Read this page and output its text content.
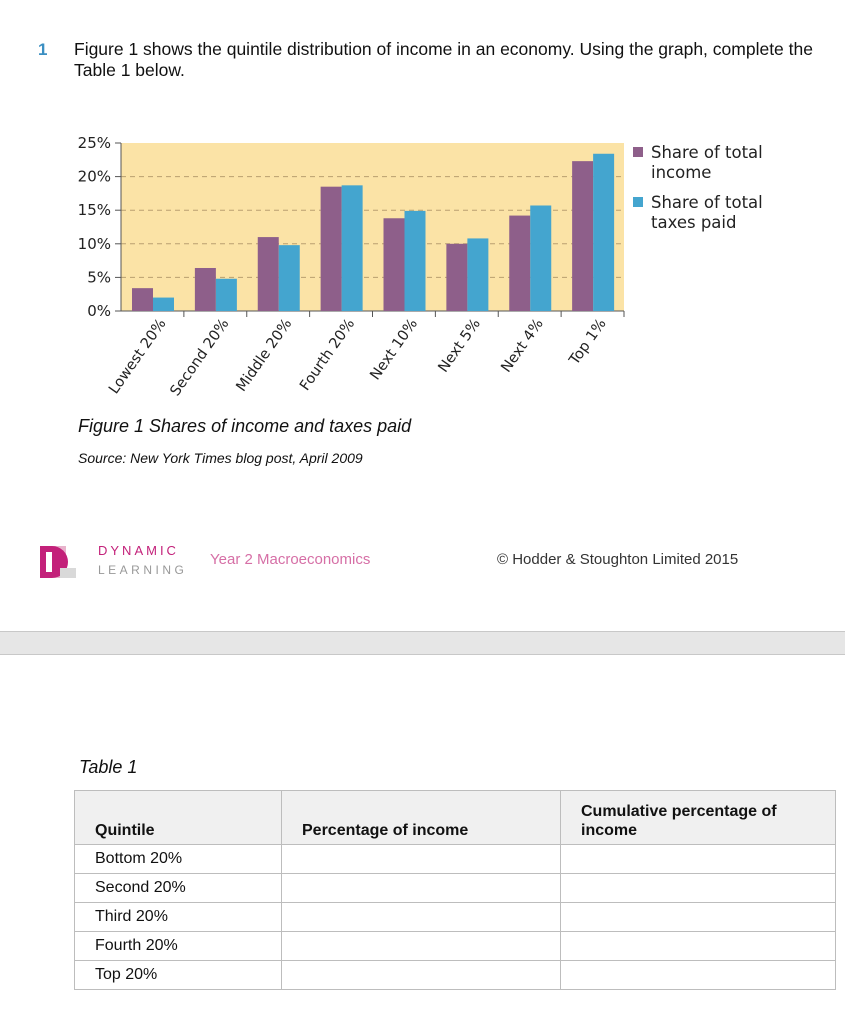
1 Figure 1 shows the quintile distribution of income in an economy. Using the graph, complete the Table 1 below.
0%
5%
10%
15%
20%
25%
Lowest 20%
Second 20% Middle 20% Fourth 20% Next 10% Next 5% Next 4% Top 1%
Share of total
income
Share of total
taxes paid
Figure 1 Shares of income and taxes paid
Source: New York Times blog post, April 2009
DYNAMIC
LEARNING
Year 2 Macroeconomics	© Hodder & Stoughton Limited 2015
Table 1
Quintile	Percentage of income	Cumulative percentage of income
Bottom 20%		
Second 20%		
Third 20%		
Fourth 20%		
Top 20%		
